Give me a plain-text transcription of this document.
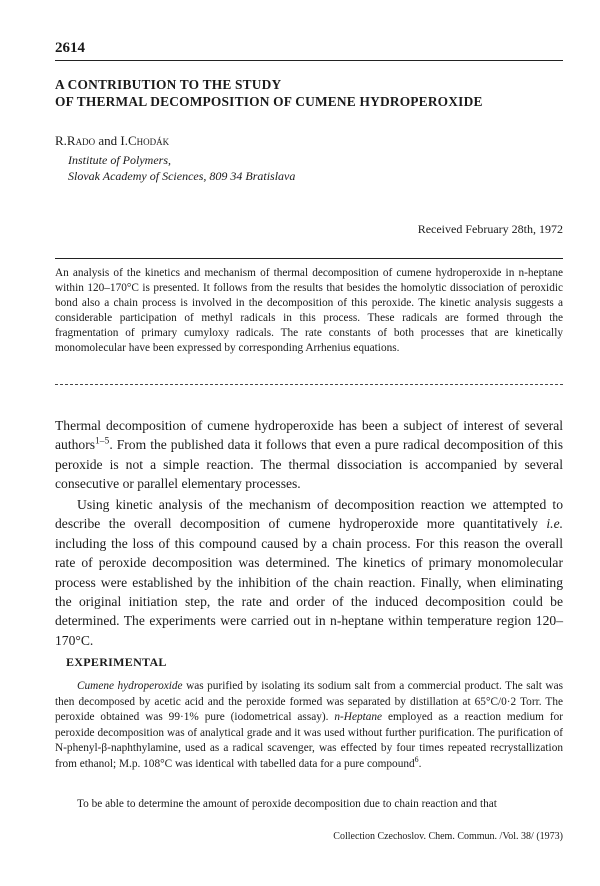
2614
A CONTRIBUTION TO THE STUDY
OF THERMAL DECOMPOSITION OF CUMENE HYDROPEROXIDE
R.Rado and I.Chodák
Institute of Polymers,
Slovak Academy of Sciences, 809 34 Bratislava
Received February 28th, 1972
An analysis of the kinetics and mechanism of thermal decomposition of cumene hydroperoxide in n-heptane within 120–170°C is presented. It follows from the results that besides the homolytic dissociation of peroxidic bond also a chain process is involved in the decomposition of this peroxide. The kinetic analysis suggests a considerable participation of methyl radicals in this process. These radicals are formed through the fragmentation of primary cumyloxy radicals. The rate constants of both processes that are kinetically monomolecular have been expressed by corresponding Arrhenius equations.
Thermal decomposition of cumene hydroperoxide has been a subject of interest of several authors$^{1-5}$. From the published data it follows that even a pure radical decomposition of this peroxide is not a simple reaction. The thermal dissociation is accompanied by several consecutive or parallel elementary processes.
Using kinetic analysis of the mechanism of decomposition reaction we attempted to describe the overall decomposition of cumene hydroperoxide more quantitatively i.e. including the loss of this compound caused by a chain process. For this reason the overall rate of peroxide decomposition was determined. The kinetics of primary monomolecular process were established by the inhibition of the chain reaction. Finally, when eliminating the original initiation step, the rate and order of the induced decomposition could be determined. The experiments were carried out in n-heptane within temperature region 120–170°C.
EXPERIMENTAL
Cumene hydroperoxide was purified by isolating its sodium salt from a commercial product. The salt was then decomposed by acetic acid and the peroxide formed was separated by distillation at 65°C/0·2 Torr. The peroxide obtained was 99·1% pure (iodometrical assay). n-Heptane employed as a reaction medium for peroxide decomposition was of analytical grade and it was used without further purification. The purification of N-phenyl-β-naphthylamine, used as a radical scavenger, was effected by four times repeated recrystallization from ethanol; M.p. 108°C was identical with tabelled data for a pure compound$^6$.
To be able to determine the amount of peroxide decomposition due to chain reaction and that
Collection Czechoslov. Chem. Commun. /Vol. 38/ (1973)
